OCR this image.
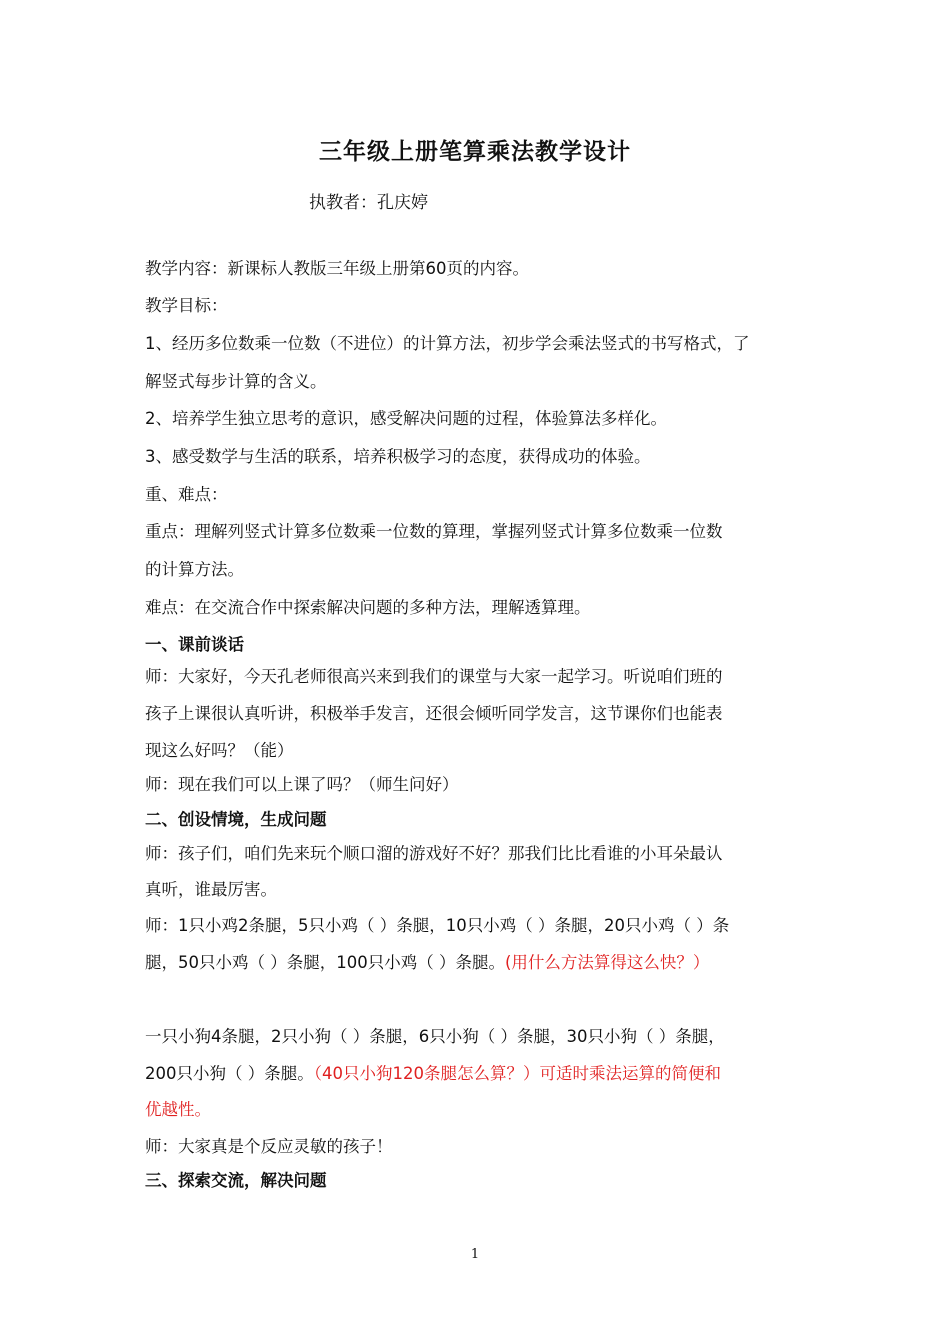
三年级上册笔算乘法教学设计
执教者：孔庆婷
教学内容：新课标人教版三年级上册第60页的内容。
教学目标：
1、经历多位数乘一位数（不进位）的计算方法，初步学会乘法竖式的书写格式，了
解竖式每步计算的含义。
2、培养学生独立思考的意识，感受解决问题的过程，体验算法多样化。
3、感受数学与生活的联系，培养积极学习的态度，获得成功的体验。
重、难点：
重点：理解列竖式计算多位数乘一位数的算理，掌握列竖式计算多位数乘一位数
的计算方法。
难点：在交流合作中探索解决问题的多种方法，理解透算理。
一、课前谈话
师：大家好，今天孔老师很高兴来到我们的课堂与大家一起学习。听说咱们班的
孩子上课很认真听讲，积极举手发言，还很会倾听同学发言，这节课你们也能表
现这么好吗？（能）
师：现在我们可以上课了吗？（师生问好）
二、创设情境，生成问题
师：孩子们，咱们先来玩个顺口溜的游戏好不好？那我们比比看谁的小耳朵最认
真听，谁最厉害。
师：1只小鸡2条腿，5只小鸡（ ）条腿，10只小鸡（ ）条腿，20只小鸡（ ）条
腿，50只小鸡（ ）条腿，100只小鸡（ ）条腿。(用什么方法算得这么快？）
一只小狗4条腿，2只小狗（ ）条腿，6只小狗（ ）条腿，30只小狗（ ）条腿，
200只小狗（ ）条腿。（40只小狗120条腿怎么算？）可适时乘法运算的简便和
优越性。
师：大家真是个反应灵敏的孩子！
三、探索交流，解决问题
1
